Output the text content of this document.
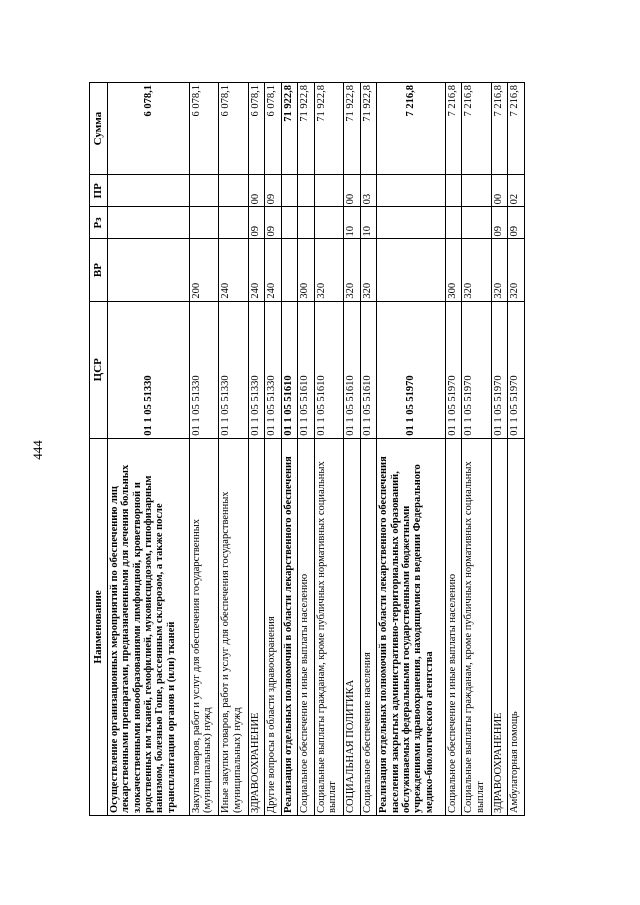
444
Наименование	ЦСР	ВР	Рз	ПР	Сумма
Осуществление организационных мероприятий по обеспечению лиц лекарственными препаратами, предназначенными для лечения больных злокачественными новообразованиями лимфоидной, кроветворной и родственных им тканей, гемофилией, муковисцидозом, гипофизарным нанизмом, болезнью Гоше, рассеянным склерозом, а также после трансплантации органов и (или) тканей	01 1 05 51330				6 078,1
Закупка товаров, работ и услуг для обеспечения государственных (муниципальных) нужд	01 1 05 51330	200			6 078,1
Иные закупки товаров, работ и услуг для обеспечения государственных (муниципальных) нужд	01 1 05 51330	240			6 078,1
ЗДРАВООХРАНЕНИЕ	01 1 05 51330	240	09	00	6 078,1
Другие вопросы в области здравоохранения	01 1 05 51330	240	09	09	6 078,1
Реализация отдельных полномочий в области лекарственного обеспечения	01 1 05 51610				71 922,8
Социальное обеспечение и иные выплаты населению	01 1 05 51610	300			71 922,8
Социальные выплаты гражданам, кроме публичных нормативных социальных выплат	01 1 05 51610	320			71 922,8
СОЦИАЛЬНАЯ ПОЛИТИКА	01 1 05 51610	320	10	00	71 922,8
Социальное обеспечение населения	01 1 05 51610	320	10	03	71 922,8
Реализация отдельных полномочий в области лекарственного обеспечения населения закрытых административно-территориальных образований, обслуживаемых федеральными государственными бюджетными учреждениями здравоохранения, находящимися в ведении Федерального медико-биологического агентства	01 1 05 51970				7 216,8
Социальное обеспечение и иные выплаты населению	01 1 05 51970	300			7 216,8
Социальные выплаты гражданам, кроме публичных нормативных социальных выплат	01 1 05 51970	320			7 216,8
ЗДРАВООХРАНЕНИЕ	01 1 05 51970	320	09	00	7 216,8
Амбулаторная помощь	01 1 05 51970	320	09	02	7 216,8
